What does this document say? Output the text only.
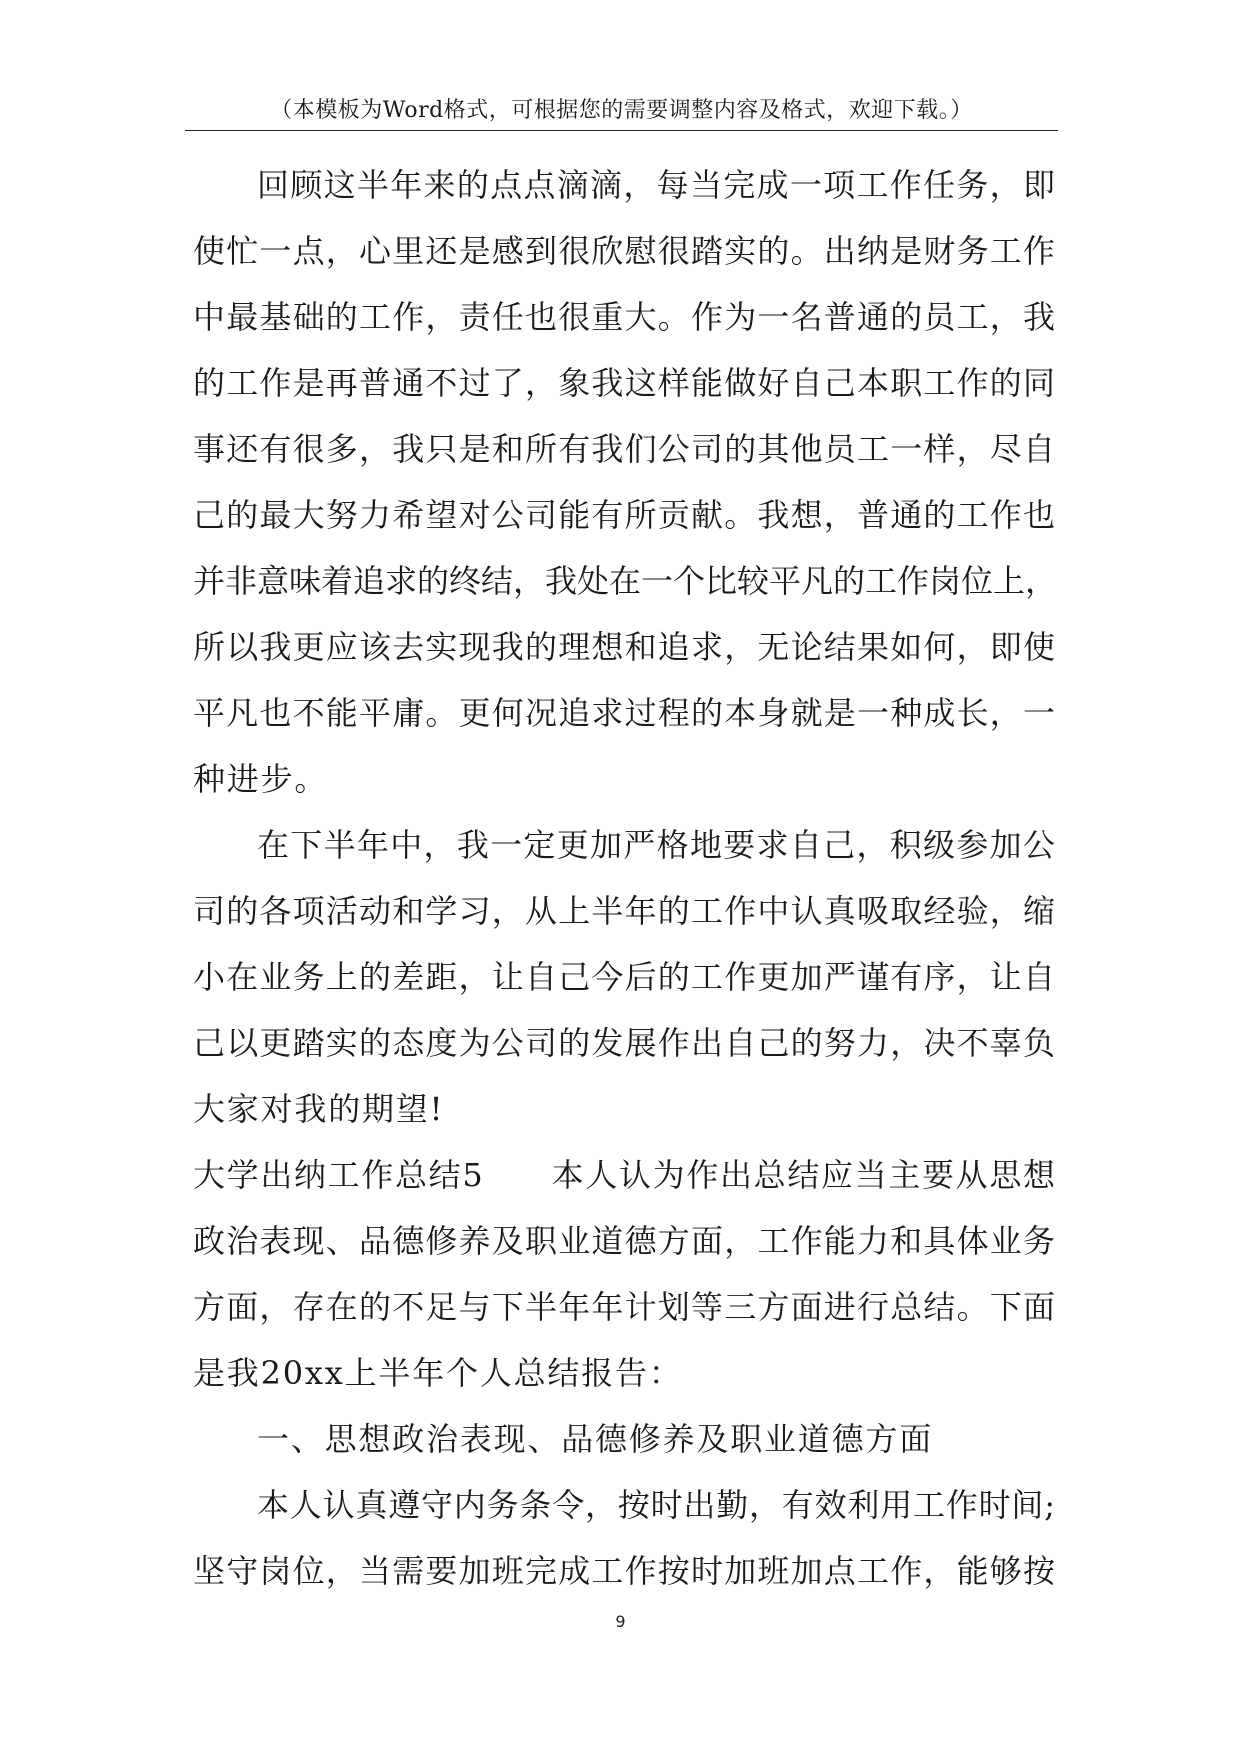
（本模板为Word格式，可根据您的需要调整内容及格式，欢迎下载。）
回顾这半年来的点点滴滴，每当完成一项工作任务，即
使忙一点，心里还是感到很欣慰很踏实的。出纳是财务工作
中最基础的工作，责任也很重大。作为一名普通的员工，我
的工作是再普通不过了，象我这样能做好自己本职工作的同
事还有很多，我只是和所有我们公司的其他员工一样，尽自
己的最大努力希望对公司能有所贡献。我想，普通的工作也
并非意味着追求的终结，我处在一个比较平凡的工作岗位上，
所以我更应该去实现我的理想和追求，无论结果如何，即使
平凡也不能平庸。更何况追求过程的本身就是一种成长，一
种进步。
在下半年中，我一定更加严格地要求自己，积级参加公
司的各项活动和学习，从上半年的工作中认真吸取经验，缩
小在业务上的差距，让自己今后的工作更加严谨有序，让自
己以更踏实的态度为公司的发展作出自己的努力，决不辜负
大家对我的期望!
大学出纳工作总结5　　本人认为作出总结应当主要从思想
政治表现、品德修养及职业道德方面，工作能力和具体业务
方面，存在的不足与下半年年计划等三方面进行总结。下面
是我20xx上半年个人总结报告：
一、思想政治表现、品德修养及职业道德方面
本人认真遵守内务条令，按时出勤，有效利用工作时间;
坚守岗位，当需要加班完成工作按时加班加点工作，能够按
9
